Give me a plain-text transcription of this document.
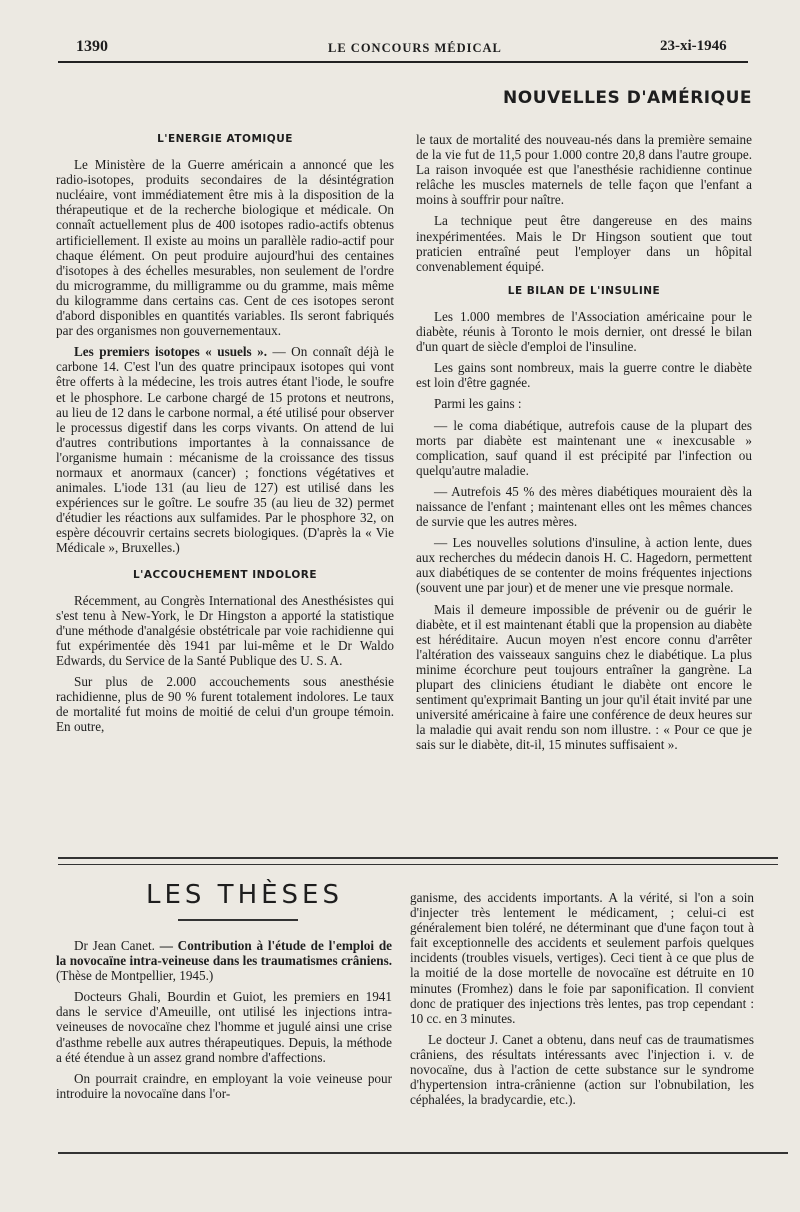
1390	LE CONCOURS MÉDICAL	23-xi-1946
NOUVELLES D'AMÉRIQUE
L'ENERGIE ATOMIQUE

Le Ministère de la Guerre américain a annoncé que les radio-isotopes, produits secondaires de la désintégration nucléaire, vont immédiatement être mis à la disposition de la thérapeutique et de la recherche biologique et médicale. On connaît actuellement plus de 400 isotopes radio-actifs obtenus artificiellement. Il existe au moins un parallèle radio-actif pour chaque élément. On peut produire aujourd'hui des centaines d'isotopes à des échelles mesurables, non seulement de l'ordre du microgramme, du milligramme ou du gramme, mais même du kilogramme dans certains cas. Cent de ces isotopes seront d'abord disponibles en quantités variables. Ils seront fabriqués par des organismes non gouvernementaux.

Les premiers isotopes « usuels ». — On connaît déjà le carbone 14. C'est l'un des quatre principaux isotopes qui vont être offerts à la médecine, les trois autres étant l'iode, le soufre et le phosphore. Le carbone chargé de 15 protons et neutrons, au lieu de 12 dans le carbone normal, a été utilisé pour observer le processus digestif dans les corps vivants. On attend de lui d'autres contributions importantes à la connaissance de l'organisme humain : mécanisme de la croissance des tissus normaux et anormaux (cancer) ; fonctions végétatives et animales. L'iode 131 (au lieu de 127) est utilisé dans les expériences sur le goître. Le soufre 35 (au lieu de 32) permet d'étudier les réactions aux sulfamides. Par le phosphore 32, on espère découvrir certains secrets biologiques. (D'après la « Vie Médicale », Bruxelles.)

L'ACCOUCHEMENT INDOLORE

Récemment, au Congrès International des Anesthésistes qui s'est tenu à New-York, le Dr Hingston a apporté la statistique d'une méthode d'analgésie obstétricale par voie rachidienne qui fut expérimentée dès 1941 par lui-même et le Dr Waldo Edwards, du Service de la Santé Publique des U. S. A.

Sur plus de 2.000 accouchements sous anesthésie rachidienne, plus de 90 % furent totalement indolores. Le taux de mortalité fut moins de moitié de celui d'un groupe témoin. En outre,

le taux de mortalité des nouveau-nés dans la première semaine de la vie fut de 11,5 pour 1.000 contre 20,8 dans l'autre groupe. La raison invoquée est que l'anesthésie rachidienne continue relâche les muscles maternels de telle façon que l'enfant a moins à souffrir pour naître.

La technique peut être dangereuse en des mains inexpérimentées. Mais le Dr Hingson soutient que tout praticien entraîné peut l'employer dans un hôpital convenablement équipé.

LE BILAN DE L'INSULINE

Les 1.000 membres de l'Association américaine pour le diabète, réunis à Toronto le mois dernier, ont dressé le bilan d'un quart de siècle d'emploi de l'insuline.

Les gains sont nombreux, mais la guerre contre le diabète est loin d'être gagnée.

Parmi les gains :

— le coma diabétique, autrefois cause de la plupart des morts par diabète est maintenant une « inexcusable » complication, sauf quand il est précipité par l'infection ou quelqu'autre maladie.

— Autrefois 45 % des mères diabétiques mouraient dès la naissance de l'enfant ; maintenant elles ont les mêmes chances de survie que les autres mères.

— Les nouvelles solutions d'insuline, à action lente, dues aux recherches du médecin danois H. C. Hagedorn, permettent aux diabétiques de se contenter de moins fréquentes injections (souvent une par jour) et de mener une vie presque normale.

Mais il demeure impossible de prévenir ou de guérir le diabète, et il est maintenant établi que la propension au diabète est héréditaire. Aucun moyen n'est encore connu d'arrêter l'altération des vaisseaux sanguins chez le diabétique. La plus minime écorchure peut toujours entraîner la gangrène. La plupart des cliniciens étudiant le diabète ont encore le sentiment qu'exprimait Banting un jour qu'il était invité par une université américaine à faire une conférence de deux heures sur la maladie qui avait rendu son nom illustre. : « Pour ce que je sais sur le diabète, dit-il, 15 minutes suffisaient ».

LES THÈSES

Dr Jean Canet. — Contribution à l'étude de l'emploi de la novocaïne intra-veineuse dans les traumatismes crâniens. (Thèse de Montpellier, 1945.)

Docteurs Ghali, Bourdin et Guiot, les premiers en 1941 dans le service d'Ameuille, ont utilisé les injections intra-veineuses de novocaïne chez l'homme et jugulé ainsi une crise d'asthme rebelle aux autres thérapeutiques. Depuis, la méthode a été étendue à un assez grand nombre d'affections.

On pourrait craindre, en employant la voie veineuse pour introduire la novocaïne dans l'or-

ganisme, des accidents importants. A la vérité, si l'on a soin d'injecter très lentement le médicament, ; celui-ci est généralement bien toléré, ne déterminant que d'une façon tout à fait exceptionnelle des accidents et seulement parfois quelques incidents (troubles visuels, vertiges). Ceci tient à ce que plus de la moitié de la dose mortelle de novocaïne est détruite en 10 minutes (Fromhez) dans le foie par saponification. Il convient donc de pratiquer des injections très lentes, pas trop cependant : 10 cc. en 3 minutes.

Le docteur J. Canet a obtenu, dans neuf cas de traumatismes crâniens, des résultats intéressants avec l'injection i. v. de novocaïne, dus à l'action de cette substance sur le syndrome d'hypertension intra-crânienne (action sur l'obnubilation, les céphalées, la bradycardie, etc.).
